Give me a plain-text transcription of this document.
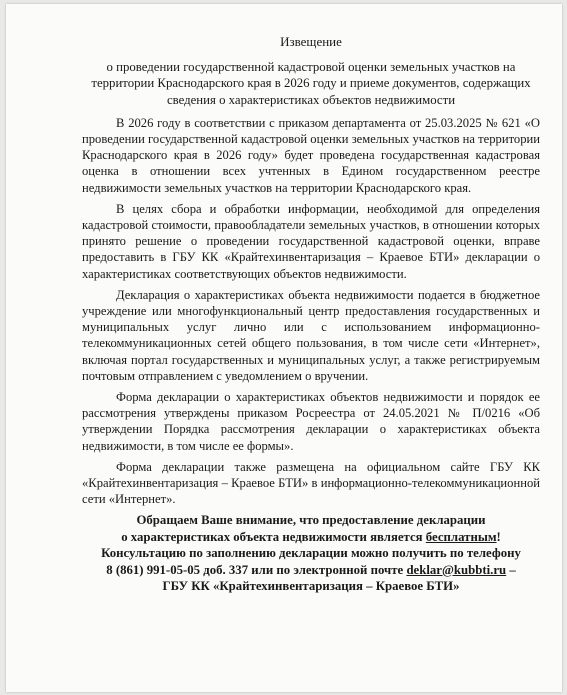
Извещение
о проведении государственной кадастровой оценки земельных участков на территории Краснодарского края в 2026 году и приеме документов, содержащих сведения о характеристиках объектов недвижимости

В 2026 году в соответствии с приказом департамента от 25.03.2025 № 621 «О проведении государственной кадастровой оценки земельных участков на территории Краснодарского края в 2026 году» будет проведена государственная кадастровая оценка в отношении всех учтенных в Едином государственном реестре недвижимости земельных участков на территории Краснодарского края.

В целях сбора и обработки информации, необходимой для определения кадастровой стоимости, правообладатели земельных участков, в отношении которых принято решение о проведении государственной кадастровой оценки, вправе предоставить в ГБУ КК «Крайтехинвентаризация – Краевое БТИ» декларации о характеристиках соответствующих объектов недвижимости.

Декларация о характеристиках объекта недвижимости подается в бюджетное учреждение или многофункциональный центр предоставления государственных и муниципальных услуг лично или с использованием информационно-телекоммуникационных сетей общего пользования, в том числе сети «Интернет», включая портал государственных и муниципальных услуг, а также регистрируемым почтовым отправлением с уведомлением о вручении.

Форма декларации о характеристиках объектов недвижимости и порядок ее рассмотрения утверждены приказом Росреестра от 24.05.2021 № П/0216 «Об утверждении Порядка рассмотрения декларации о характеристиках объекта недвижимости, в том числе ее формы».

Форма декларации также размещена на официальном сайте ГБУ КК «Крайтехинвентаризация – Краевое БТИ» в информационно-телекоммуникационной сети «Интернет».

Обращаем Ваше внимание, что предоставление декларации
о характеристиках объекта недвижимости является бесплатным!
Консультацию по заполнению декларации можно получить по телефону
8 (861) 991-05-05 доб. 337 или по электронной почте deklar@kubbti.ru –
ГБУ КК «Крайтехинвентаризация – Краевое БТИ»
